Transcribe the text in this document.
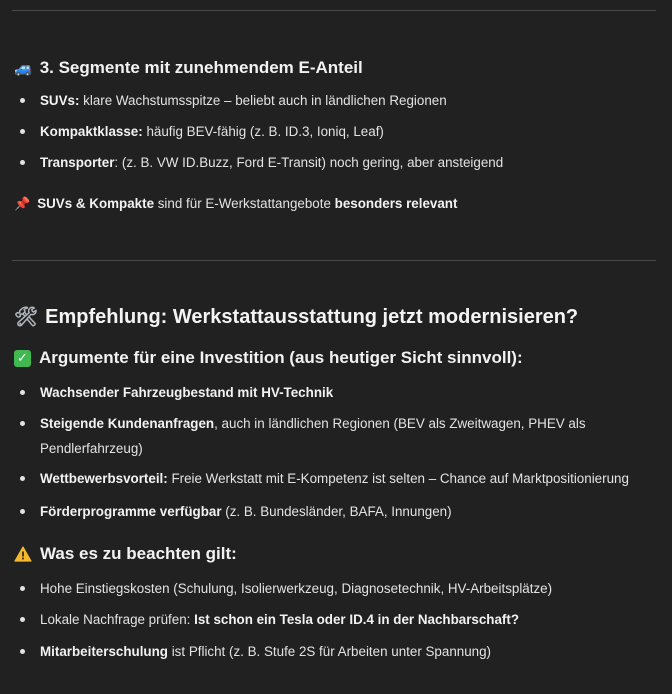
🚙 3. Segmente mit zunehmendem E-Anteil
SUVs: klare Wachstumsspitze – beliebt auch in ländlichen Regionen
Kompaktklasse: häufig BEV-fähig (z. B. ID.3, Ioniq, Leaf)
Transporter: (z. B. VW ID.Buzz, Ford E-Transit) noch gering, aber ansteigend
📌 SUVs & Kompakte sind für E-Werkstattangebote besonders relevant
🛠 Empfehlung: Werkstattausstattung jetzt modernisieren?
✓ Argumente für eine Investition (aus heutiger Sicht sinnvoll):
Wachsender Fahrzeugbestand mit HV-Technik
Steigende Kundenanfragen, auch in ländlichen Regionen (BEV als Zweitwagen, PHEV als Pendlerfahrzeug)
Wettbewerbsvorteil: Freie Werkstatt mit E-Kompetenz ist selten – Chance auf Marktpositionierung
Förderprogramme verfügbar (z. B. Bundesländer, BAFA, Innungen)
Was es zu beachten gilt:
Hohe Einstiegskosten (Schulung, Isolierwerkzeug, Diagnosetechnik, HV-Arbeitsplätze)
Lokale Nachfrage prüfen: Ist schon ein Tesla oder ID.4 in der Nachbarschaft?
Mitarbeiterschulung ist Pflicht (z. B. Stufe 2S für Arbeiten unter Spannung)
